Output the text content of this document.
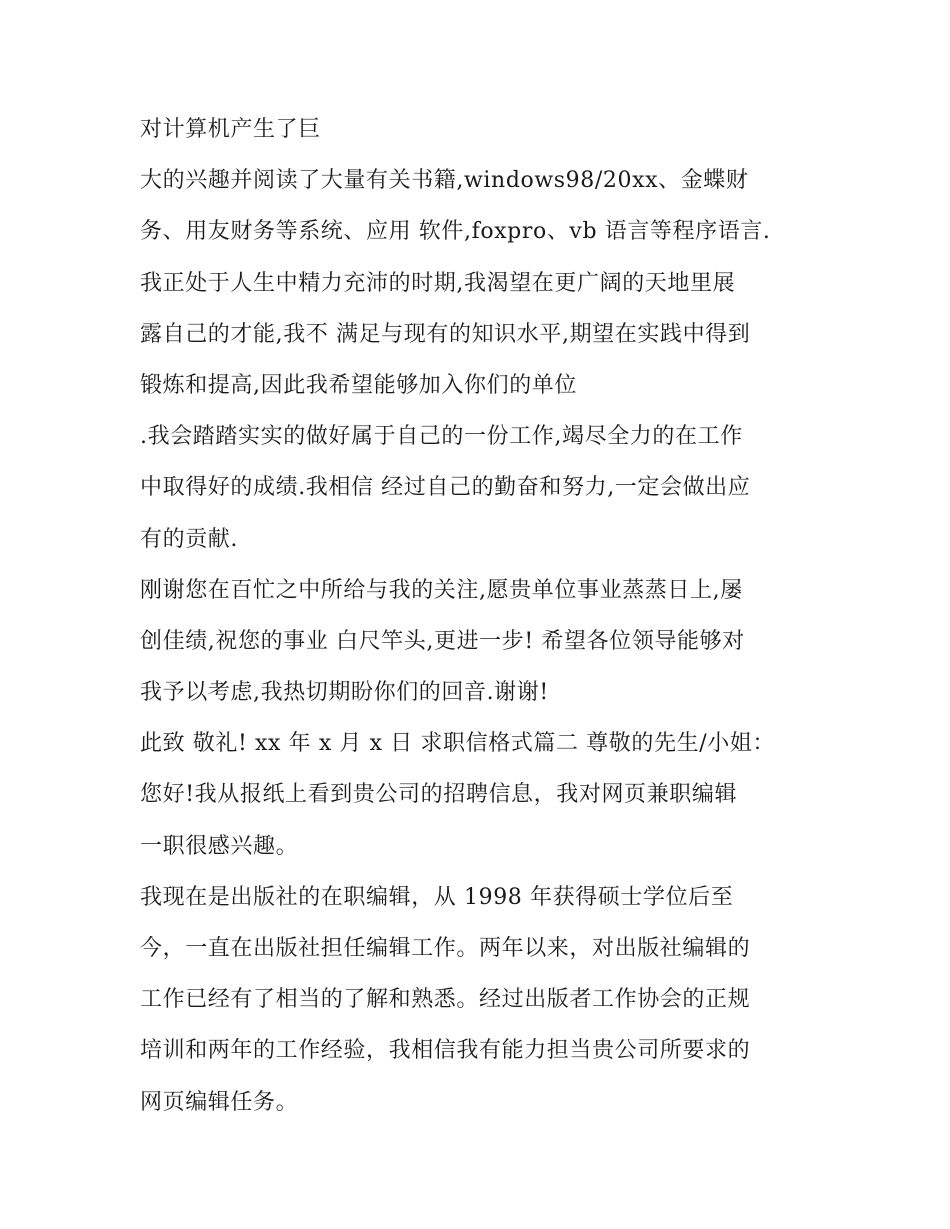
对计算机产生了巨

大的兴趣并阅读了大量有关书籍,windows98/20xx、金蝶财

务、用友财务等系统、应用 软件,foxpro、vb 语言等程序语言.

我正处于人生中精力充沛的时期,我渴望在更广阔的天地里展

露自己的才能,我不 满足与现有的知识水平,期望在实践中得到

锻炼和提高,因此我希望能够加入你们的单位

.我会踏踏实实的做好属于自己的一份工作,竭尽全力的在工作

中取得好的成绩.我相信 经过自己的勤奋和努力,一定会做出应

有的贡献.

刚谢您在百忙之中所给与我的关注,愿贵单位事业蒸蒸日上,屡

创佳绩,祝您的事业 白尺竿头,更进一步! 希望各位领导能够对

我予以考虑,我热切期盼你们的回音.谢谢!

此致 敬礼! xx 年 x 月 x 日 求职信格式篇二 尊敬的先生/小姐：

您好!我从报纸上看到贵公司的招聘信息，我对网页兼职编辑

一职很感兴趣。

我现在是出版社的在职编辑，从 1998 年获得硕士学位后至

今，一直在出版社担任编辑工作。两年以来，对出版社编辑的

工作已经有了相当的了解和熟悉。经过出版者工作协会的正规

培训和两年的工作经验，我相信我有能力担当贵公司所要求的

网页编辑任务。
